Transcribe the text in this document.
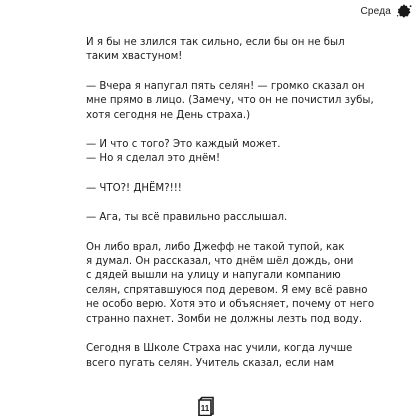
Среда

И я бы не злился так сильно, если бы он не был
таким хвастуном!

— Вчера я напугал пять селян! — громко сказал он
мне прямо в лицо. (Замечу, что он не почистил зубы,
хотя сегодня не День страха.)

— И что с того? Это каждый может.
— Но я сделал это днём!

— ЧТО?! ДНЁМ?!!!

— Ага, ты всё правильно расслышал.

Он либо врал, либо Джефф не такой тупой, как
я думал. Он рассказал, что днём шёл дождь, они
с дядей вышли на улицу и напугали компанию
селян, спрятавшуюся под деревом. Я ему всё равно
не особо верю. Хотя это и объясняет, почему от него
странно пахнет. Зомби не должны лезть под воду.

Сегодня в Школе Страха нас учили, когда лучше
всего пугать селян. Учитель сказал, если нам

11
